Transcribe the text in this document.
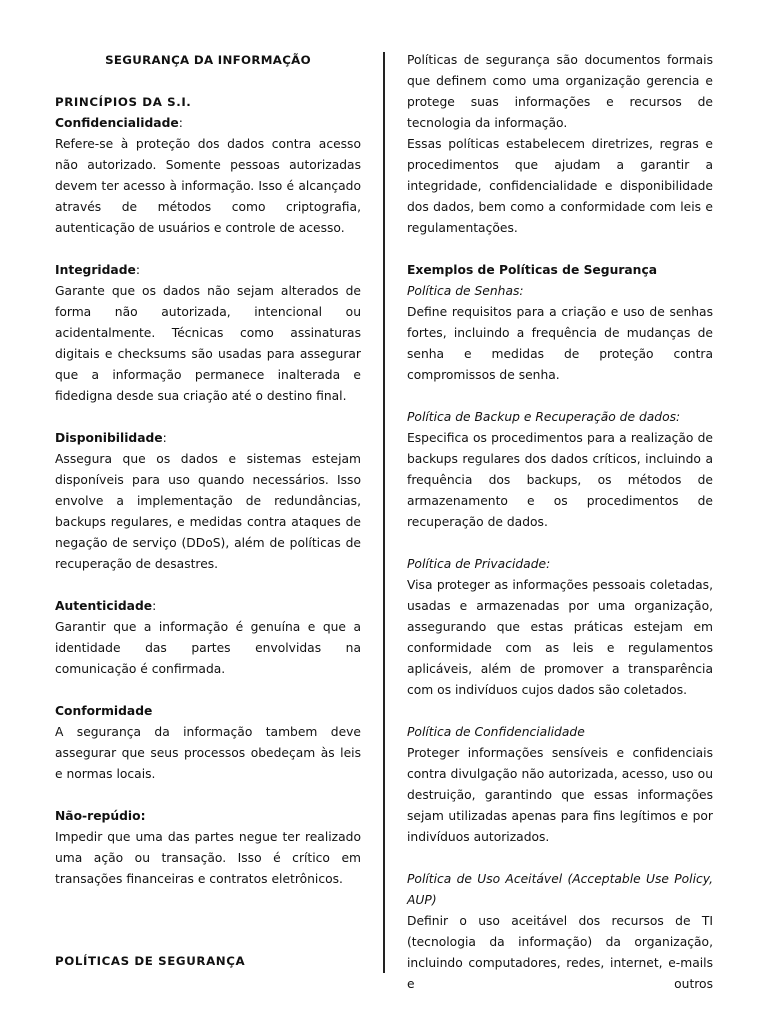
SEGURANÇA DA INFORMAÇÃO

PRINCÍPIOS DA S.I.

Confidencialidade:

Refere-se à proteção dos dados contra acesso não autorizado. Somente pessoas autorizadas devem ter acesso à informação. Isso é alcançado através de métodos como criptografia, autenticação de usuários e controle de acesso.

Integridade:

Garante que os dados não sejam alterados de forma não autorizada, intencional ou acidentalmente. Técnicas como assinaturas digitais e checksums são usadas para assegurar que a informação permanece inalterada e fidedigna desde sua criação até o destino final.

Disponibilidade:

Assegura que os dados e sistemas estejam disponíveis para uso quando necessários. Isso envolve a implementação de redundâncias, backups regulares, e medidas contra ataques de negação de serviço (DDoS), além de políticas de recuperação de desastres.

Autenticidade:

Garantir que a informação é genuína e que a identidade das partes envolvidas na comunicação é confirmada.

Conformidade

A segurança da informação tambem deve assegurar que seus processos obedeçam às leis e normas locais.

Não-repúdio:

Impedir que uma das partes negue ter realizado uma ação ou transação. Isso é crítico em transações financeiras e contratos eletrônicos.

POLÍTICAS DE SEGURANÇA

Políticas de segurança são documentos formais que definem como uma organização gerencia e protege suas informações e recursos de tecnologia da informação.

Essas políticas estabelecem diretrizes, regras e procedimentos que ajudam a garantir a integridade, confidencialidade e disponibilidade dos dados, bem como a conformidade com leis e regulamentações.

Exemplos de Políticas de Segurança

Política de Senhas:

Define requisitos para a criação e uso de senhas fortes, incluindo a frequência de mudanças de senha e medidas de proteção contra compromissos de senha.

Política de Backup e Recuperação de dados:

Especifica os procedimentos para a realização de backups regulares dos dados críticos, incluindo a frequência dos backups, os métodos de armazenamento e os procedimentos de recuperação de dados.

Política de Privacidade:

Visa proteger as informações pessoais coletadas, usadas e armazenadas por uma organização, assegurando que estas práticas estejam em conformidade com as leis e regulamentos aplicáveis, além de promover a transparência com os indivíduos cujos dados são coletados.

Política de Confidencialidade

Proteger informações sensíveis e confidenciais contra divulgação não autorizada, acesso, uso ou destruição, garantindo que essas informações sejam utilizadas apenas para fins legítimos e por indivíduos autorizados.

Política de Uso Aceitável (Acceptable Use Policy, AUP)

Definir o uso aceitável dos recursos de TI (tecnologia da informação) da organização, incluindo computadores, redes, internet, e-mails e outros
